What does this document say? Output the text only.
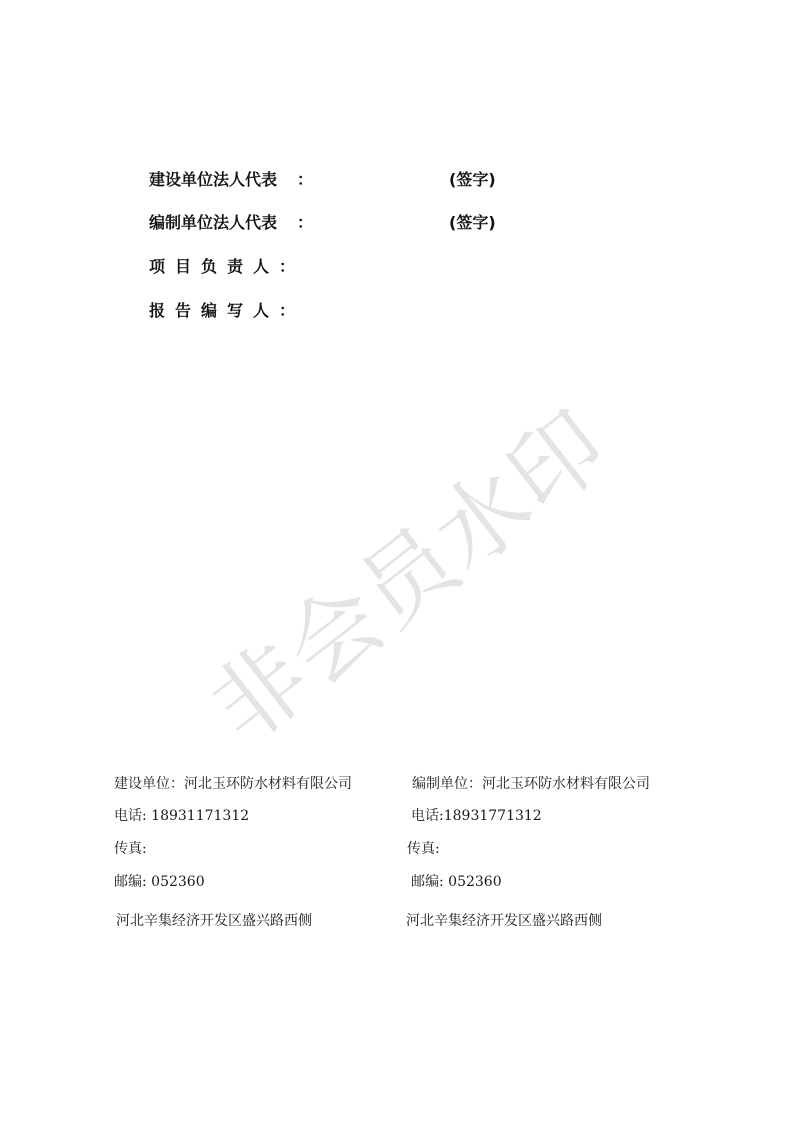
非会员水印
建设单位法人代表 ：	(签字)
编制单位法人代表 ：	(签字)
项目负责人：
报告编写人：
建设单位：河北玉环防水材料有限公司
电话: 18931171312
传真:
邮编: 052360
河北辛集经济开发区盛兴路西侧
编制单位：河北玉环防水材料有限公司
电话:18931771312
传真:
邮编: 052360
河北辛集经济开发区盛兴路西侧
